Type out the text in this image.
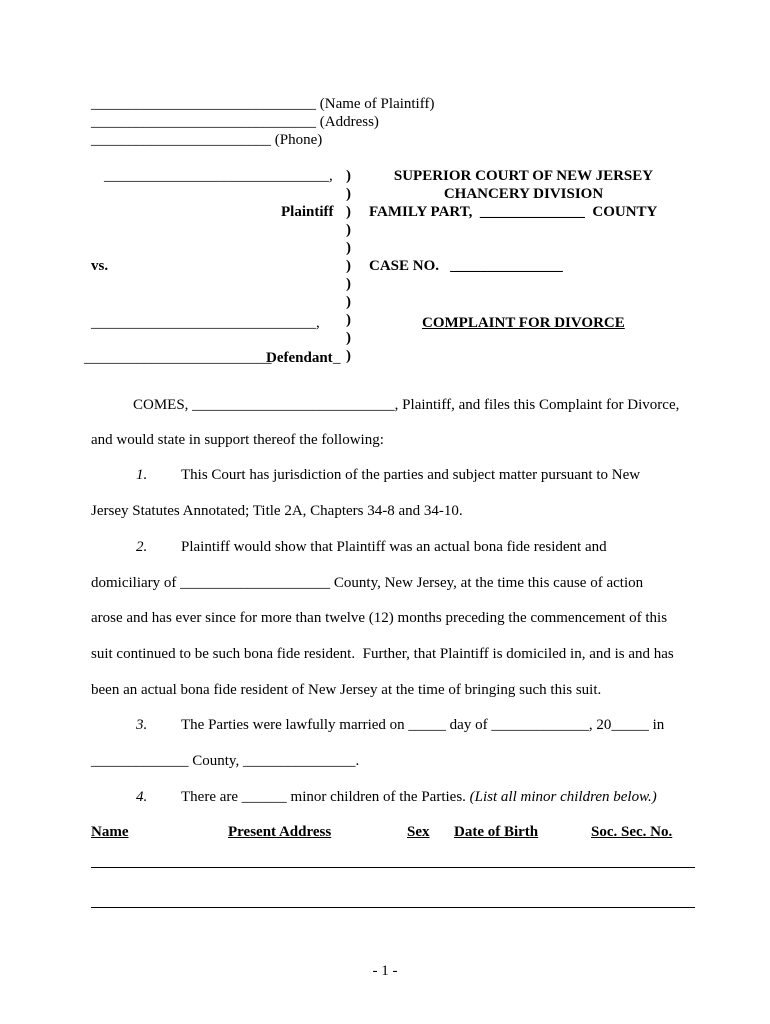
______________________________ (Name of Plaintiff)
______________________________ (Address)
________________________ (Phone)
______________________________,
Plaintiff
vs.
______________________________,
_________________________
Defendant _
)
)
)
)
)
)
)
)
)
)
)
SUPERIOR COURT OF NEW JERSEY
CHANCERY DIVISION
FAMILY PART,  ______________  COUNTY
CASE NO.   _______________
COMPLAINT FOR DIVORCE
COMES, ___________________________, Plaintiff, and files this Complaint for Divorce,
and would state in support thereof the following:
1. This Court has jurisdiction of the parties and subject matter pursuant to New
Jersey Statutes Annotated; Title 2A, Chapters 34-8 and 34-10.
2. Plaintiff would show that Plaintiff was an actual bona fide resident and
domiciliary of ____________________ County, New Jersey, at the time this cause of action
arose and has ever since for more than twelve (12) months preceding the commencement of this
suit continued to be such bona fide resident.  Further, that Plaintiff is domiciled in, and is and has
been an actual bona fide resident of New Jersey at the time of bringing such this suit.
3. The Parties were lawfully married on _____ day of _____________, 20_____ in
_____________ County, _______________.
4. There are ______ minor children of the Parties. (List all minor children below.)
Name	Present Address	Sex Date of Birth	Soc. Sec. No.
- 1 -
